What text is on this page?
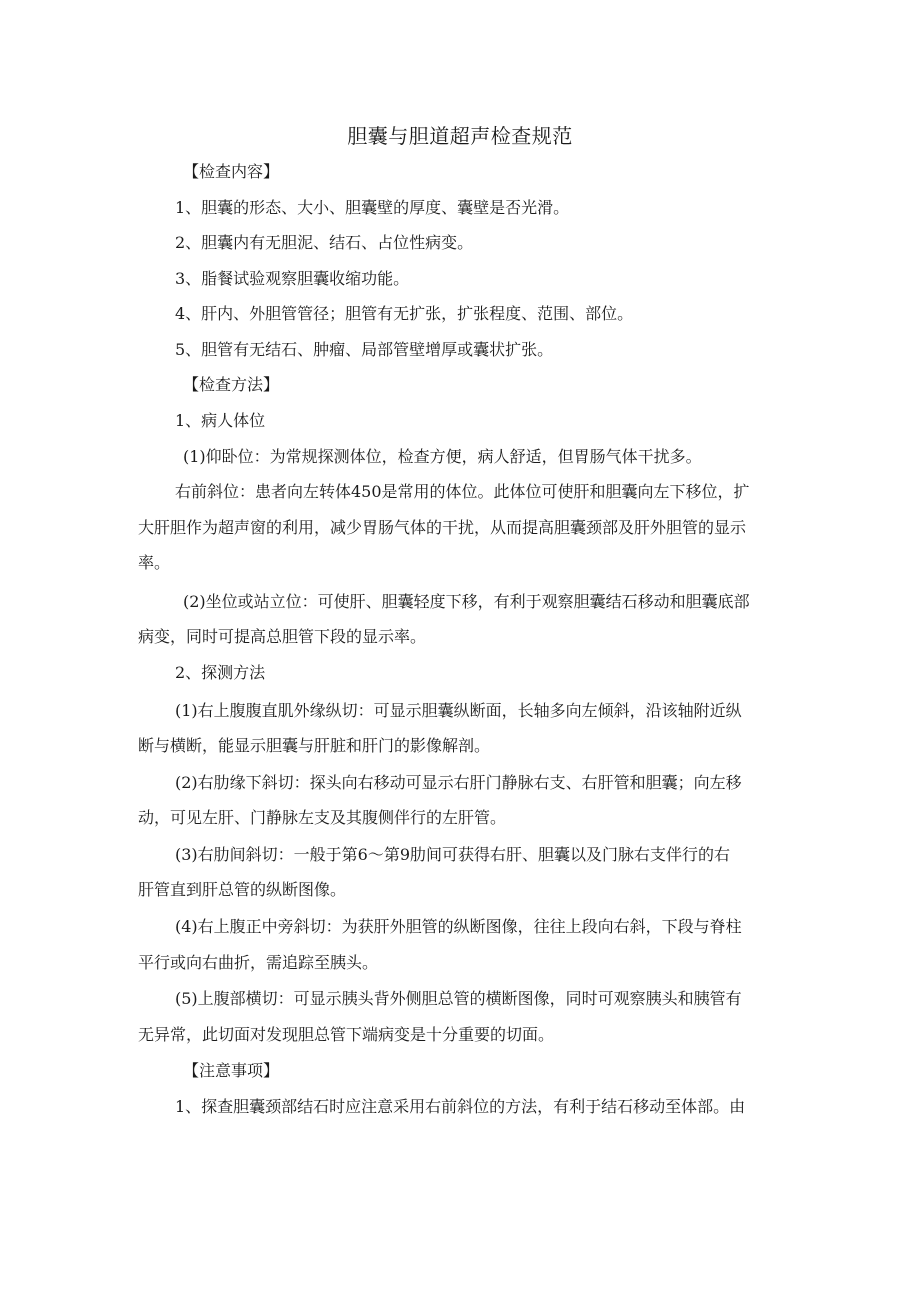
胆囊与胆道超声检查规范
【检查内容】
1、胆囊的形态、大小、胆囊壁的厚度、囊壁是否光滑。
2、胆囊内有无胆泥、结石、占位性病变。
3、脂餐试验观察胆囊收缩功能。
4、肝内、外胆管管径；胆管有无扩张，扩张程度、范围、部位。
5、胆管有无结石、肿瘤、局部管壁增厚或囊状扩张。
【检查方法】
1、病人体位
(1)仰卧位：为常规探测体位，检查方便，病人舒适，但胃肠气体干扰多。
右前斜位：患者向左转体450是常用的体位。此体位可使肝和胆囊向左下移位，扩
大肝胆作为超声窗的利用，减少胃肠气体的干扰，从而提高胆囊颈部及肝外胆管的显示
率。
(2)坐位或站立位：可使肝、胆囊轻度下移，有利于观察胆囊结石移动和胆囊底部
病变，同时可提高总胆管下段的显示率。
2、探测方法
(1)右上腹腹直肌外缘纵切：可显示胆囊纵断面，长轴多向左倾斜，沿该轴附近纵
断与横断，能显示胆囊与肝脏和肝门的影像解剖。
(2)右肋缘下斜切：探头向右移动可显示右肝门静脉右支、右肝管和胆囊；向左移
动，可见左肝、门静脉左支及其腹侧伴行的左肝管。
(3)右肋间斜切：一般于第6～第9肋间可获得右肝、胆囊以及门脉右支伴行的右
肝管直到肝总管的纵断图像。
(4)右上腹正中旁斜切：为获肝外胆管的纵断图像，往往上段向右斜，下段与脊柱
平行或向右曲折，需追踪至胰头。
(5)上腹部横切：可显示胰头背外侧胆总管的横断图像，同时可观察胰头和胰管有
无异常，此切面对发现胆总管下端病变是十分重要的切面。
【注意事项】
1、探查胆囊颈部结石时应注意采用右前斜位的方法，有利于结石移动至体部。由
